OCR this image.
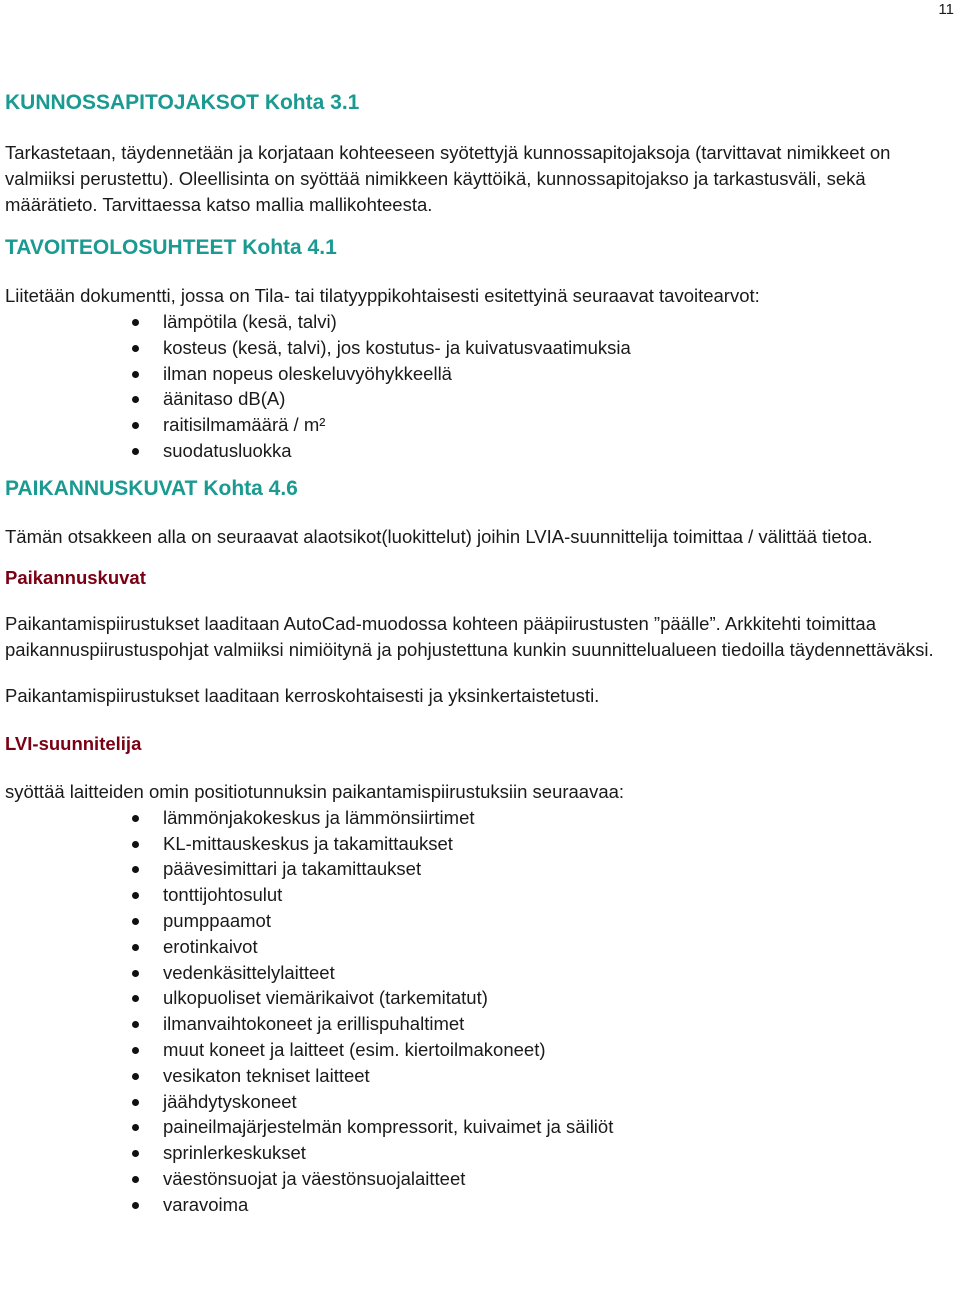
11
KUNNOSSAPITOJAKSOT Kohta 3.1

Tarkastetaan, täydennetään ja korjataan kohteeseen syötettyjä kunnossapitojaksoja (tarvittavat nimikkeet on valmiiksi perustettu). Oleellisinta on syöttää nimikkeen käyttöikä, kunnossapitojakso ja tarkastusväli, sekä määrätieto. Tarvittaessa katso mallia mallikohteesta.

TAVOITEOLOSUHTEET Kohta 4.1

Liitetään dokumentti, jossa on Tila- tai tilatyyppikohtaisesti esitettyinä seuraavat tavoitearvot:

lämpötila (kesä, talvi)
kosteus (kesä, talvi), jos kostutus- ja kuivatusvaatimuksia
ilman nopeus oleskeluvyöhykkeellä
äänitaso dB(A)
raitisilmamäärä / m²
suodatusluokka
PAIKANNUSKUVAT Kohta 4.6

Tämän otsakkeen alla on seuraavat alaotsikot(luokittelut) joihin LVIA-suunnittelija toimittaa / välittää tietoa.

Paikannuskuvat

Paikantamispiirustukset laaditaan AutoCad-muodossa kohteen pääpiirustusten ”päälle”. Arkkitehti toimittaa paikannuspiirustuspohjat valmiiksi nimiöitynä ja pohjustettuna kunkin suunnittelualueen tiedoilla täydennettäväksi.

Paikantamispiirustukset laaditaan kerroskohtaisesti ja yksinkertaistetusti.

LVI-suunnitelija

syöttää laitteiden omin positiotunnuksin paikantamispiirustuksiin seuraavaa:

lämmönjakokeskus ja lämmönsiirtimet
KL-mittauskeskus ja takamittaukset
päävesimittari ja takamittaukset
tonttijohtosulut
pumppaamot
erotinkaivot
vedenkäsittelylaitteet
ulkopuoliset viemärikaivot (tarkemitatut)
ilmanvaihtokoneet ja erillispuhaltimet
muut koneet ja laitteet (esim. kiertoilmakoneet)
vesikaton tekniset laitteet
jäähdytyskoneet
paineilmajärjestelmän kompressorit, kuivaimet ja säiliöt
sprinlerkeskukset
väestönsuojat ja väestönsuojalaitteet
varavoima
